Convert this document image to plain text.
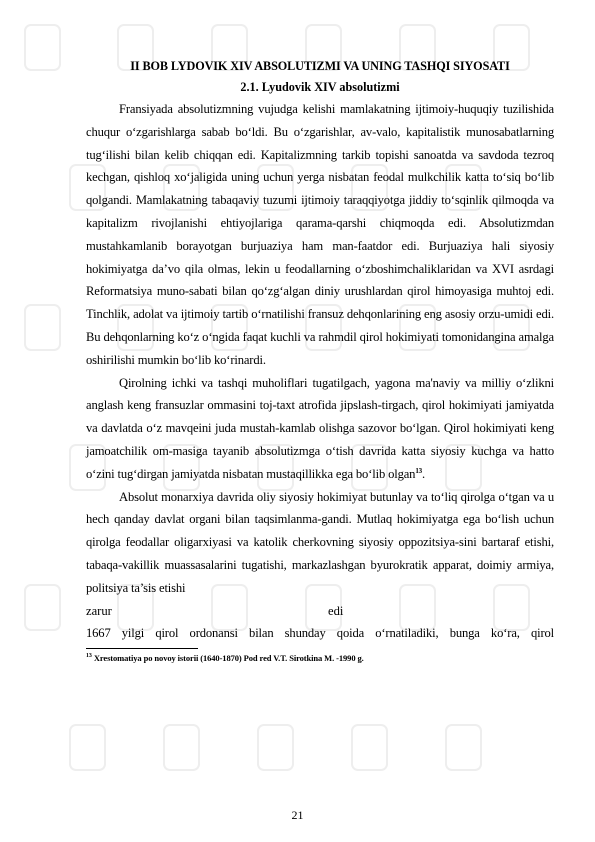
II BOB LYDOVIK XIV ABSOLUTIZMI VA UNING TASHQI SIYOSATI

2.1. Lyudovik XIV absolutizmi

Fransiyada absolutizmning vujudga kelishi mamlakatning ijtimoiy-huquqiy tuzilishida chuqur o‘zgarishlarga sabab bo‘ldi. Bu o‘zgarishlar, av-valo, kapitalistik munosabatlarning tug‘ilishi bilan kelib chiqqan edi. Kapitalizmning tarkib topishi sanoatda va savdoda tezroq kechgan, qishloq xo‘jaligida uning uchun yerga nisbatan feodal mulkchilik katta to‘siq bo‘lib qolgandi. Mamlakatning tabaqaviy tuzumi ijtimoiy taraqqiyotga jiddiy to‘sqinlik qilmoqda va kapitalizm rivojlanishi ehtiyojlariga qarama-qarshi chiqmoqda edi. Absolutizmdan mustahkamlanib borayotgan burjuaziya ham man-faatdor edi. Burjuaziya hali siyosiy hokimiyatga da’vo qila olmas, lekin u feodallarning o‘zboshimchaliklaridan va XVI asrdagi Reformatsiya muno-sabati bilan qo‘zg‘algan diniy urushlardan qirol himoyasiga muhtoj edi. Tinchlik, adolat va ijtimoiy tartib o‘rnatilishi fransuz dehqonlarining eng asosiy orzu-umidi edi. Bu dehqonlarning ko‘z o‘ngida faqat kuchli va rahmdil qirol hokimiyati tomonidangina amalga oshirilishi mumkin bo‘lib ko‘rinardi.

Qirolning ichki va tashqi muholiflari tugatilgach, yagona ma'naviy va milliy o‘zlikni anglash keng fransuzlar ommasini toj-taxt atrofida jipslash-tirgach, qirol hokimiyati jamiyatda va davlatda o‘z mavqeini juda mustah-kamlab olishga sazovor bo‘lgan. Qirol hokimiyati keng jamoatchilik om-masiga tayanib absolutizmga o‘tish davrida katta siyosiy kuchga va hatto o‘zini tug‘dirgan jamiyatda nisbatan mustaqillikka ega bo‘lib olgan$^{13}$.

Absolut monarxiya davrida oliy siyosiy hokimiyat butunlay va to‘liq qirolga o‘tgan va u hech qanday davlat organi bilan taqsimlanma-gandi. Mutlaq hokimiyatga ega bo‘lish uchun qirolga feodallar oligarxiyasi va katolik cherkovning siyosiy oppozitsiya-sini bartaraf etishi, tabaqa-vakillik muassasalarini tugatishi, markazlashgan byurokratik apparat, doimiy armiya, politsiya ta’sis etishi

zarur	edi

1667 yilgi qirol ordonansi bilan shunday qoida o‘rnatiladiki, bunga ko‘ra, qirol

$^{13}$ Xrestomatiya po novoy istorii (1640-1870) Pod red V.T. Sirotkina M. -1990 g.

21
